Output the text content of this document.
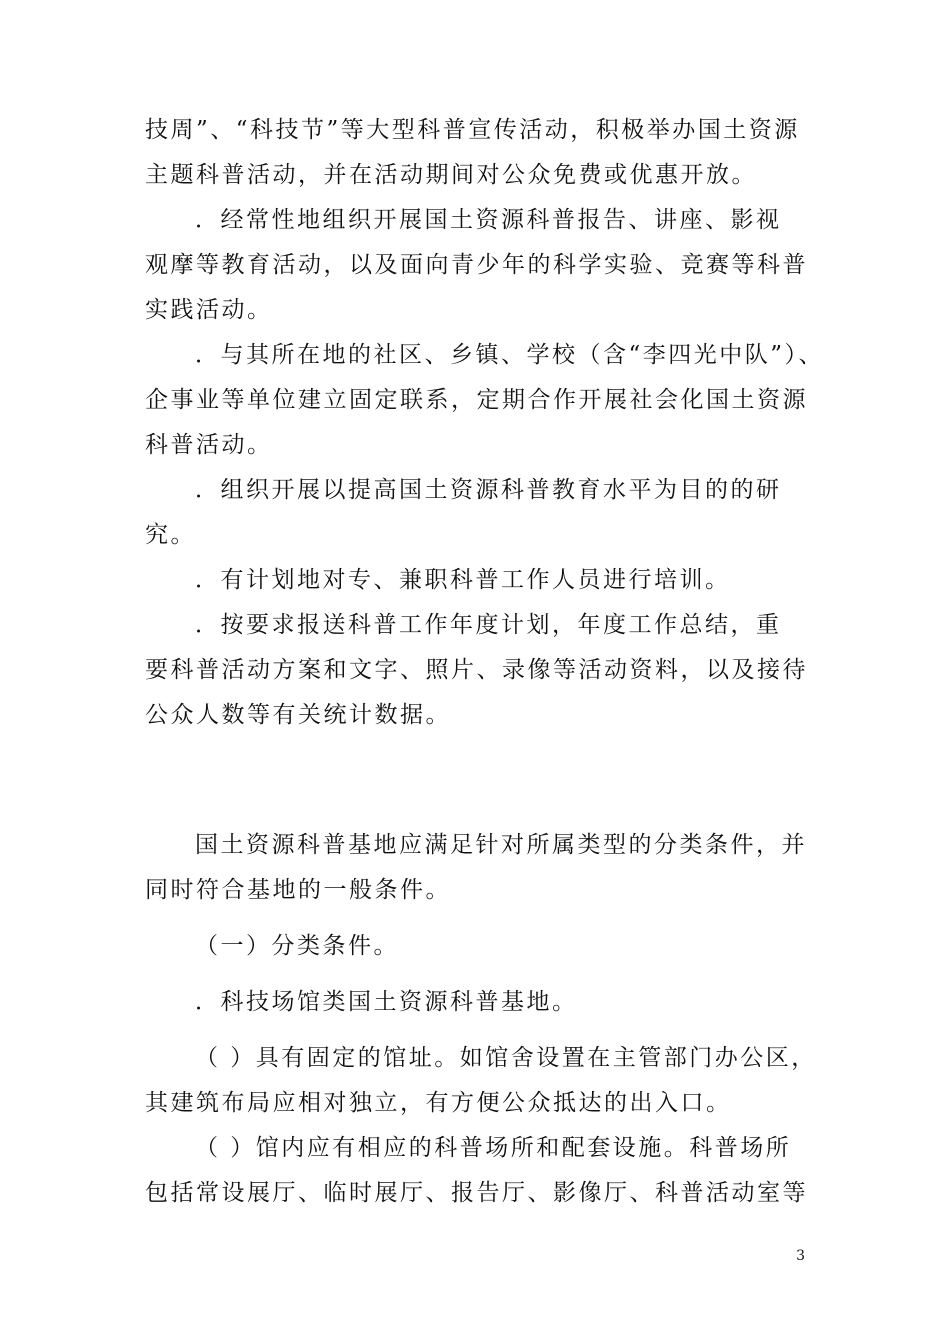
技周”、“科技节”等大型科普宣传活动，积极举办国土资源
主题科普活动，并在活动期间对公众免费或优惠开放。
．经常性地组织开展国土资源科普报告、讲座、影视
观摩等教育活动，以及面向青少年的科学实验、竞赛等科普
实践活动。
．与其所在地的社区、乡镇、学校（含“李四光中队”）、
企事业等单位建立固定联系，定期合作开展社会化国土资源
科普活动。
．组织开展以提高国土资源科普教育水平为目的的研
究。
．有计划地对专、兼职科普工作人员进行培训。
．按要求报送科普工作年度计划，年度工作总结，重
要科普活动方案和文字、照片、录像等活动资料，以及接待
公众人数等有关统计数据。
国土资源科普基地应满足针对所属类型的分类条件，并
同时符合基地的一般条件。
（一）分类条件。
．科技场馆类国土资源科普基地。
（ ）具有固定的馆址。如馆舍设置在主管部门办公区，
其建筑布局应相对独立，有方便公众抵达的出入口。
（ ）馆内应有相应的科普场所和配套设施。科普场所
包括常设展厅、临时展厅、报告厅、影像厅、科普活动室等
3
